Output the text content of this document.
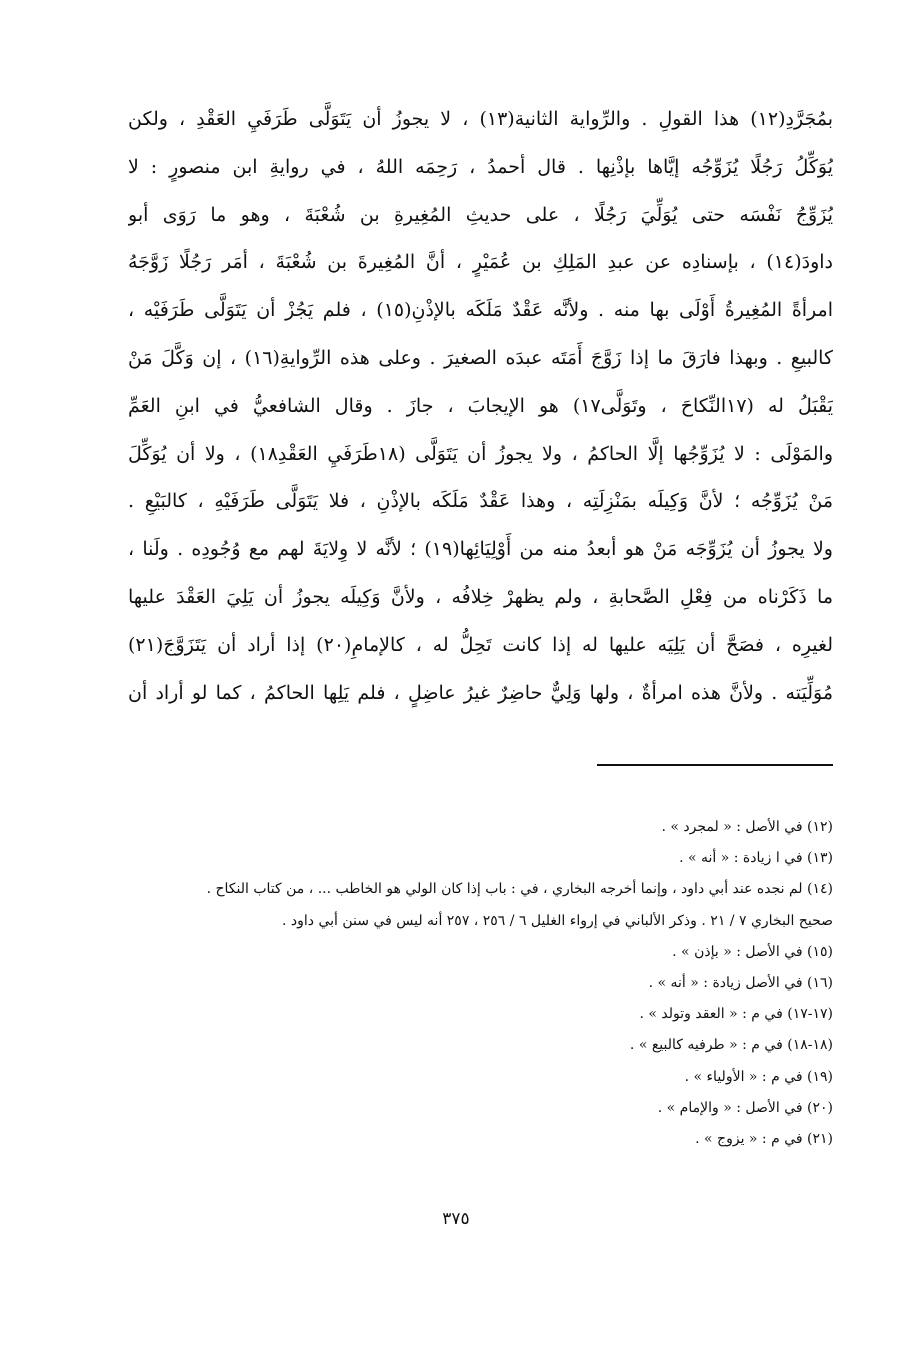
بمُجَرَّدِ(١٢) هذا القولِ . والرِّواية الثانية(١٣) ، لا يجوزُ أن يَتَوَلَّى طَرَفَيِ العَقْدِ ، ولكن
يُوَكِّلُ رَجُلًا يُزَوِّجُه إيَّاها بإذْنِها . قال أحمدُ ، رَحِمَه اللهُ ، في روايةِ ابن منصورٍ : لا
يُزَوِّجُ نَفْسَه حتى يُوَلِّيَ رَجُلًا ، على حديثِ المُغِيرةِ بن شُعْبَةَ ، وهو ما رَوَى أبو
داودَ(١٤) ، بإسنادِه عن عبدِ المَلِكِ بن عُمَيْرٍ ، أنَّ المُغِيرةَ بن شُعْبَةَ ، أمَر رَجُلًا زَوَّجَهُ
امرأةً المُغِيرةُ أَوْلَى بها منه . ولأنَّه عَقْدٌ مَلَكَه بالإذْنِ(١٥) ، فلم يَجُزْ أن يَتَوَلَّى طَرَفَيْه ،
كالبيعِ . وبهذا فارَقَ ما إذا زَوَّجَ أَمَتَه عبدَه الصغيرَ . وعلى هذه الرِّوايةِ(١٦) ، إن وَكَّلَ مَنْ
يَقْبَلُ له (١٧النِّكاحَ ، وتَوَلَّى١٧) هو الإيجابَ ، جازَ . وقال الشافعيُّ في ابنِ العَمِّ
والمَوْلَى : لا يُزَوِّجُها إلَّا الحاكمُ ، ولا يجوزُ أن يَتَوَلَّى (١٨طَرَفَيِ العَقْدِ١٨) ، ولا أن يُوَكِّلَ
مَنْ يُزَوِّجُه ؛ لأنَّ وَكِيلَه بمَنْزِلَتِه ، وهذا عَقْدٌ مَلَكَه بالإذْنِ ، فلا يَتَوَلَّى طَرَفَيْهِ ، كالبَيْعِ .
ولا يجوزُ أن يُزَوِّجَه مَنْ هو أبعدُ منه من أَوْلِيَائِها(١٩) ؛ لأنَّه لا وِلايَةَ لهم مع وُجُودِه . ولَنا ،
ما ذَكَرْناه من فِعْلِ الصَّحابةِ ، ولم يظهرْ خِلافُه ، ولأنَّ وَكِيلَه يجوزُ أن يَلِيَ العَقْدَ عليها
لغيرِه ، فصَحَّ أن يَلِيَه عليها له إذا كانت تَحِلُّ له ، كالإمامِ(٢٠) إذا أراد أن يَتَزَوَّجَ(٢١)
مُوَلِّيَته . ولأنَّ هذه امرأةٌ ، ولها وَلِيٌّ حاضِرٌ غيرُ عاضِلٍ ، فلم يَلِها الحاكمُ ، كما لو أراد أن
(١٢) في الأصل : « لمجرد » .
(١٣) في ا زيادة : « أنه » .
(١٤) لم نجده عند أبي داود ، وإنما أخرجه البخاري ، في : باب إذا كان الولي هو الخاطب ... ، من كتاب النكاح .
صحيح البخاري ٧ / ٢١ . وذكر الألباني في إرواء الغليل ٦ / ٢٥٦ ، ٢٥٧ أنه ليس في سنن أبي داود .
(١٥) في الأصل : « بإذن » .
(١٦) في الأصل زيادة : « أنه » .
(١٧-١٧) في م : « العقد وتولد » .
(١٨-١٨) في م : « طرفيه كالبيع » .
(١٩) في م : « الأولياء » .
(٢٠) في الأصل : « والإمام » .
(٢١) في م : « يزوج » .
٣٧٥
